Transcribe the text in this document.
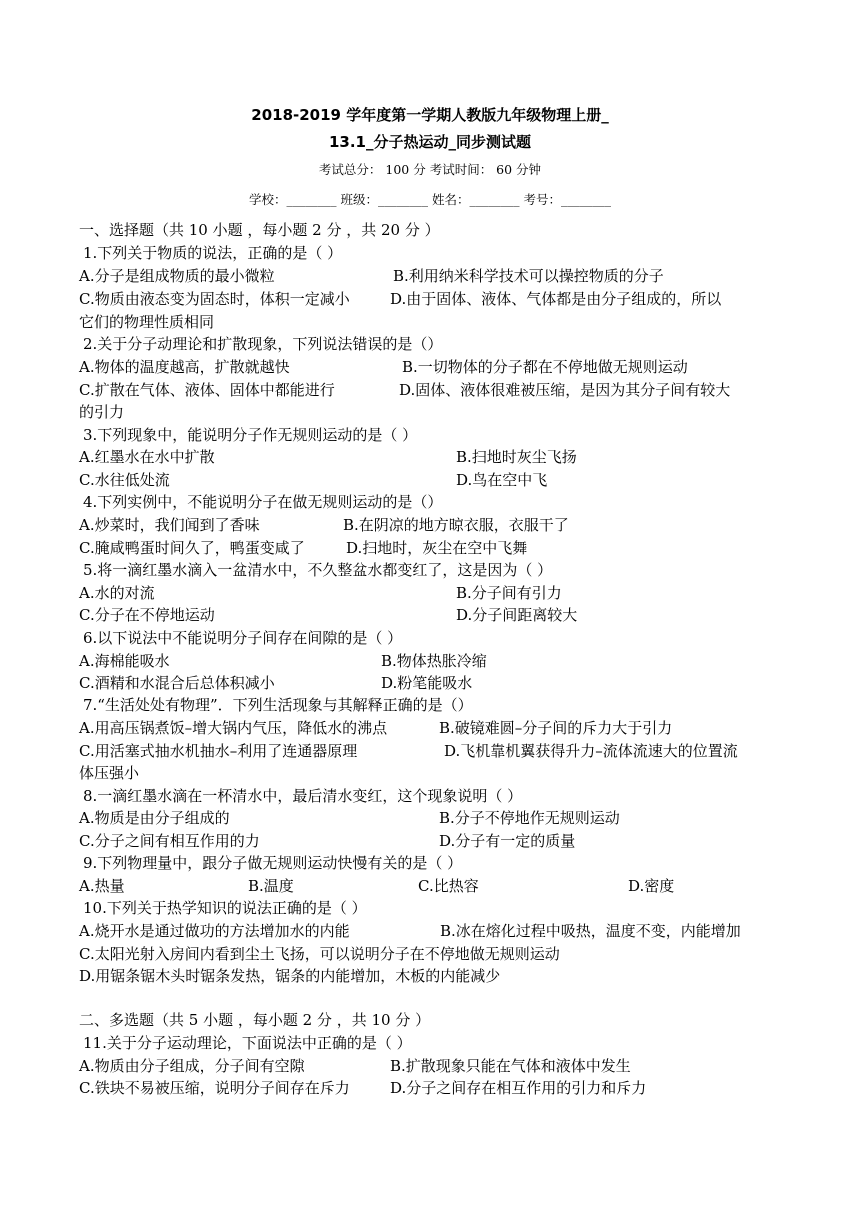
2018-2019 学年度第一学期人教版九年级物理上册_
13.1_分子热运动_同步测试题
考试总分： 100 分 考试时间： 60 分钟
学校：________ 班级：________ 姓名：________ 考号：________
一、选择题（共 10 小题 ，每小题 2 分 ，共 20 分 ）
1.下列关于物质的说法，正确的是（ ）
A.分子是组成物质的最小微粒	B.利用纳米科学技术可以操控物质的分子
C.物质由液态变为固态时，体积一定减小	D.由于固体、液体、气体都是由分子组成的，所以
它们的物理性质相同
2.关于分子动理论和扩散现象，下列说法错误的是（）
A.物体的温度越高，扩散就越快	B.一切物体的分子都在不停地做无规则运动
C.扩散在气体、液体、固体中都能进行	D.固体、液体很难被压缩，是因为其分子间有较大
的引力
3.下列现象中，能说明分子作无规则运动的是（ ）
A.红墨水在水中扩散	B.扫地时灰尘飞扬
C.水往低处流	D.鸟在空中飞
4.下列实例中，不能说明分子在做无规则运动的是（）
A.炒菜时，我们闻到了香味	B.在阴凉的地方晾衣服，衣服干了
C.腌咸鸭蛋时间久了，鸭蛋变咸了	D.扫地时，灰尘在空中飞舞
5.将一滴红墨水滴入一盆清水中，不久整盆水都变红了，这是因为（ ）
A.水的对流	B.分子间有引力
C.分子在不停地运动	D.分子间距离较大
6.以下说法中不能说明分子间存在间隙的是（ ）
A.海棉能吸水	B.物体热胀冷缩
C.酒精和水混合后总体积减小	D.粉笔能吸水
7.“生活处处有物理”．下列生活现象与其解释正确的是（）
A.用高压锅煮饭–增大锅内气压，降低水的沸点	B.破镜难圆–分子间的斥力大于引力
C.用活塞式抽水机抽水–利用了连通器原理	D.飞机靠机翼获得升力–流体流速大的位置流
体压强小
8.一滴红墨水滴在一杯清水中，最后清水变红，这个现象说明（ ）
A.物质是由分子组成的	B.分子不停地作无规则运动
C.分子之间有相互作用的力	D.分子有一定的质量
9.下列物理量中，跟分子做无规则运动快慢有关的是（ ）
A.热量	B.温度	C.比热容	D.密度
10.下列关于热学知识的说法正确的是（ ）
A.烧开水是通过做功的方法增加水的内能	B.冰在熔化过程中吸热，温度不变，内能增加
C.太阳光射入房间内看到尘土飞扬，可以说明分子在不停地做无规则运动
D.用锯条锯木头时锯条发热，锯条的内能增加，木板的内能减少
二、多选题（共 5 小题 ，每小题 2 分 ，共 10 分 ）
11.关于分子运动理论，下面说法中正确的是（ ）
A.物质由分子组成，分子间有空隙	B.扩散现象只能在气体和液体中发生
C.铁块不易被压缩，说明分子间存在斥力	D.分子之间存在相互作用的引力和斥力
